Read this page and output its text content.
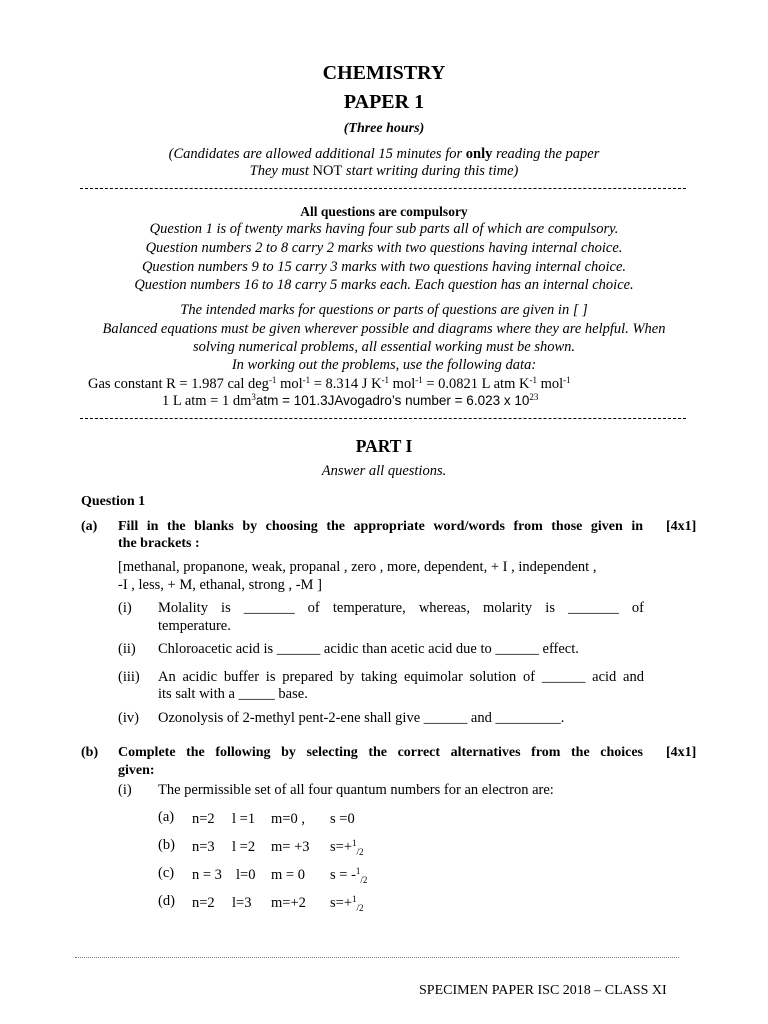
CHEMISTRY
PAPER 1
(Three hours)
(Candidates are allowed additional 15 minutes for only reading the paper
They must NOT start writing during this time)
All questions are compulsory
Question 1 is of twenty marks having four sub parts all of which are compulsory.
Question numbers 2 to 8 carry 2 marks with two questions having internal choice.
Question numbers 9 to 15 carry 3 marks with two questions having internal choice.
Question numbers 16 to 18 carry 5 marks each. Each question has an internal choice.
The intended marks for questions or parts of questions are given in [ ]
Balanced equations must be given wherever possible and diagrams where they are helpful. When
solving numerical problems, all essential working must be shown.
In working out the problems, use the following data:
Gas constant R = 1.987 cal deg$^{-1}$ mol$^{-1}$ = 8.314 J $K^{-1}$ mol$^{-1}$ = 0.0821 L atm $K^{-1}$ mol$^{-1}$
1 L atm = 1 $dm^3atm$ = 101.3JAvogadro’s number = 6.023 x $10^{23}$
PART I
Answer all questions.
Question 1
(a) Fill in the blanks by choosing the appropriate word/words from those given in
the brackets :
[4x1]
[methanal, propanone, weak, propanal , zero , more, dependent, + I , independent ,
-I , less, + M, ethanal, strong , -M ]
(i) Molality is _______ of temperature, whereas, molarity is _______ of
temperature.
(ii) Chloroacetic acid is ______ acidic than acetic acid due to ______ effect.
(iii) An acidic buffer is prepared by taking equimolar solution of ______ acid and
its salt with a _____ base.
(iv) Ozonolysis of 2-methyl pent-2-ene shall give ______ and _________.
(b) Complete the following by selecting the correct alternatives from the choices
given:
[4x1]
(i) The permissible set of all four quantum numbers for an electron are:
(a) n=2 l =1 m=0 , s =0
(b) n=3 l =2 m= +3 s=+$^1_{/2}$
(c) n = 3 l=0 m = 0 s = -$^1_{/2}$
(d) n=2 l=3 m=+2 s=+$^1_{/2}$
SPECIMEN PAPER ISC 2018 – CLASS XI
